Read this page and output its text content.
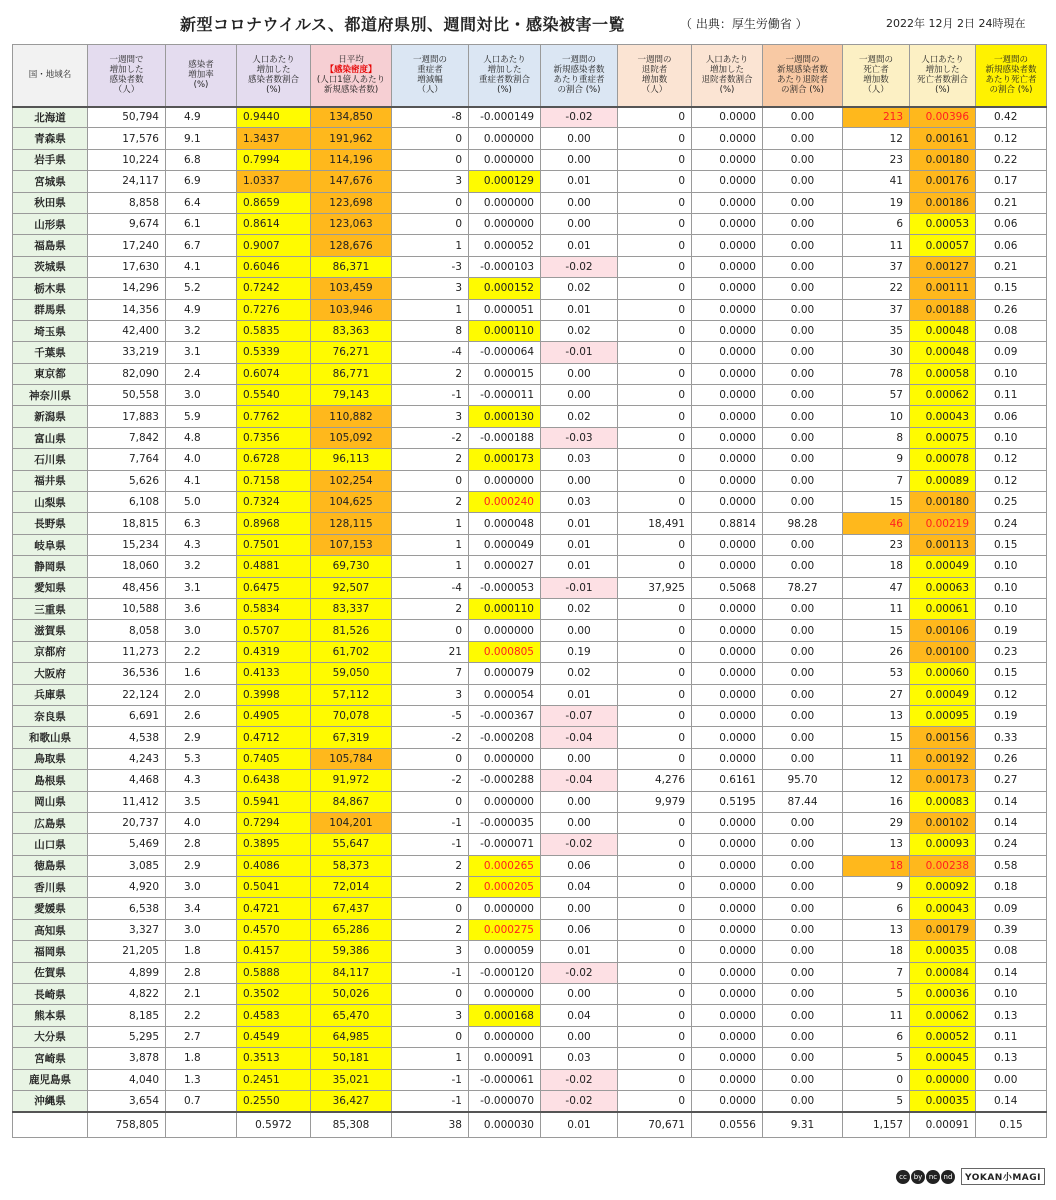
新型コロナウイルス、都道府県別、週間対比・感染被害一覧	（ 出典：厚生労働省 ）	2022年 12月 2日 24時現在
国・地域名	一週間で
増加した
感染者数
（人）	感染者
増加率
(%)	人口あたり
増加した
感染者数割合
(%)	日平均
【感染密度】
(人口1億人あたり
新規感染者数)	一週間の
重症者
増減幅
（人）	人口あたり
増加した
重症者数割合
(%)	一週間の
新規感染者数
あたり重症者
の割合 (%)	一週間の
退院者
増加数
（人）	人口あたり
増加した
退院者数割合
(%)	一週間の
新規感染者数
あたり退院者
の割合 (%)	一週間の
死亡者
増加数
（人）	人口あたり
増加した
死亡者数割合
(%)	一週間の
新規感染者数
あたり死亡者
の割合 (%)
北海道	50,794	4.9	0.9440	134,850	-8	-0.000149	-0.02	0	0.0000	0.00	213	0.00396	0.42
青森県	17,576	9.1	1.3437	191,962	0	0.000000	0.00	0	0.0000	0.00	12	0.00161	0.12
岩手県	10,224	6.8	0.7994	114,196	0	0.000000	0.00	0	0.0000	0.00	23	0.00180	0.22
宮城県	24,117	6.9	1.0337	147,676	3	0.000129	0.01	0	0.0000	0.00	41	0.00176	0.17
秋田県	8,858	6.4	0.8659	123,698	0	0.000000	0.00	0	0.0000	0.00	19	0.00186	0.21
山形県	9,674	6.1	0.8614	123,063	0	0.000000	0.00	0	0.0000	0.00	6	0.00053	0.06
福島県	17,240	6.7	0.9007	128,676	1	0.000052	0.01	0	0.0000	0.00	11	0.00057	0.06
茨城県	17,630	4.1	0.6046	86,371	-3	-0.000103	-0.02	0	0.0000	0.00	37	0.00127	0.21
栃木県	14,296	5.2	0.7242	103,459	3	0.000152	0.02	0	0.0000	0.00	22	0.00111	0.15
群馬県	14,356	4.9	0.7276	103,946	1	0.000051	0.01	0	0.0000	0.00	37	0.00188	0.26
埼玉県	42,400	3.2	0.5835	83,363	8	0.000110	0.02	0	0.0000	0.00	35	0.00048	0.08
千葉県	33,219	3.1	0.5339	76,271	-4	-0.000064	-0.01	0	0.0000	0.00	30	0.00048	0.09
東京都	82,090	2.4	0.6074	86,771	2	0.000015	0.00	0	0.0000	0.00	78	0.00058	0.10
神奈川県	50,558	3.0	0.5540	79,143	-1	-0.000011	0.00	0	0.0000	0.00	57	0.00062	0.11
新潟県	17,883	5.9	0.7762	110,882	3	0.000130	0.02	0	0.0000	0.00	10	0.00043	0.06
富山県	7,842	4.8	0.7356	105,092	-2	-0.000188	-0.03	0	0.0000	0.00	8	0.00075	0.10
石川県	7,764	4.0	0.6728	96,113	2	0.000173	0.03	0	0.0000	0.00	9	0.00078	0.12
福井県	5,626	4.1	0.7158	102,254	0	0.000000	0.00	0	0.0000	0.00	7	0.00089	0.12
山梨県	6,108	5.0	0.7324	104,625	2	0.000240	0.03	0	0.0000	0.00	15	0.00180	0.25
長野県	18,815	6.3	0.8968	128,115	1	0.000048	0.01	18,491	0.8814	98.28	46	0.00219	0.24
岐阜県	15,234	4.3	0.7501	107,153	1	0.000049	0.01	0	0.0000	0.00	23	0.00113	0.15
静岡県	18,060	3.2	0.4881	69,730	1	0.000027	0.01	0	0.0000	0.00	18	0.00049	0.10
愛知県	48,456	3.1	0.6475	92,507	-4	-0.000053	-0.01	37,925	0.5068	78.27	47	0.00063	0.10
三重県	10,588	3.6	0.5834	83,337	2	0.000110	0.02	0	0.0000	0.00	11	0.00061	0.10
滋賀県	8,058	3.0	0.5707	81,526	0	0.000000	0.00	0	0.0000	0.00	15	0.00106	0.19
京都府	11,273	2.2	0.4319	61,702	21	0.000805	0.19	0	0.0000	0.00	26	0.00100	0.23
大阪府	36,536	1.6	0.4133	59,050	7	0.000079	0.02	0	0.0000	0.00	53	0.00060	0.15
兵庫県	22,124	2.0	0.3998	57,112	3	0.000054	0.01	0	0.0000	0.00	27	0.00049	0.12
奈良県	6,691	2.6	0.4905	70,078	-5	-0.000367	-0.07	0	0.0000	0.00	13	0.00095	0.19
和歌山県	4,538	2.9	0.4712	67,319	-2	-0.000208	-0.04	0	0.0000	0.00	15	0.00156	0.33
鳥取県	4,243	5.3	0.7405	105,784	0	0.000000	0.00	0	0.0000	0.00	11	0.00192	0.26
島根県	4,468	4.3	0.6438	91,972	-2	-0.000288	-0.04	4,276	0.6161	95.70	12	0.00173	0.27
岡山県	11,412	3.5	0.5941	84,867	0	0.000000	0.00	9,979	0.5195	87.44	16	0.00083	0.14
広島県	20,737	4.0	0.7294	104,201	-1	-0.000035	0.00	0	0.0000	0.00	29	0.00102	0.14
山口県	5,469	2.8	0.3895	55,647	-1	-0.000071	-0.02	0	0.0000	0.00	13	0.00093	0.24
徳島県	3,085	2.9	0.4086	58,373	2	0.000265	0.06	0	0.0000	0.00	18	0.00238	0.58
香川県	4,920	3.0	0.5041	72,014	2	0.000205	0.04	0	0.0000	0.00	9	0.00092	0.18
愛媛県	6,538	3.4	0.4721	67,437	0	0.000000	0.00	0	0.0000	0.00	6	0.00043	0.09
高知県	3,327	3.0	0.4570	65,286	2	0.000275	0.06	0	0.0000	0.00	13	0.00179	0.39
福岡県	21,205	1.8	0.4157	59,386	3	0.000059	0.01	0	0.0000	0.00	18	0.00035	0.08
佐賀県	4,899	2.8	0.5888	84,117	-1	-0.000120	-0.02	0	0.0000	0.00	7	0.00084	0.14
長崎県	4,822	2.1	0.3502	50,026	0	0.000000	0.00	0	0.0000	0.00	5	0.00036	0.10
熊本県	8,185	2.2	0.4583	65,470	3	0.000168	0.04	0	0.0000	0.00	11	0.00062	0.13
大分県	5,295	2.7	0.4549	64,985	0	0.000000	0.00	0	0.0000	0.00	6	0.00052	0.11
宮崎県	3,878	1.8	0.3513	50,181	1	0.000091	0.03	0	0.0000	0.00	5	0.00045	0.13
鹿児島県	4,040	1.3	0.2451	35,021	-1	-0.000061	-0.02	0	0.0000	0.00	0	0.00000	0.00
沖縄県	3,654	0.7	0.2550	36,427	-1	-0.000070	-0.02	0	0.0000	0.00	5	0.00035	0.14
	758,805		0.5972	85,308	38	0.000030	0.01	70,671	0.0556	9.31	1,157	0.00091	0.15
cc by nc nd	YOKAN小MAGI
